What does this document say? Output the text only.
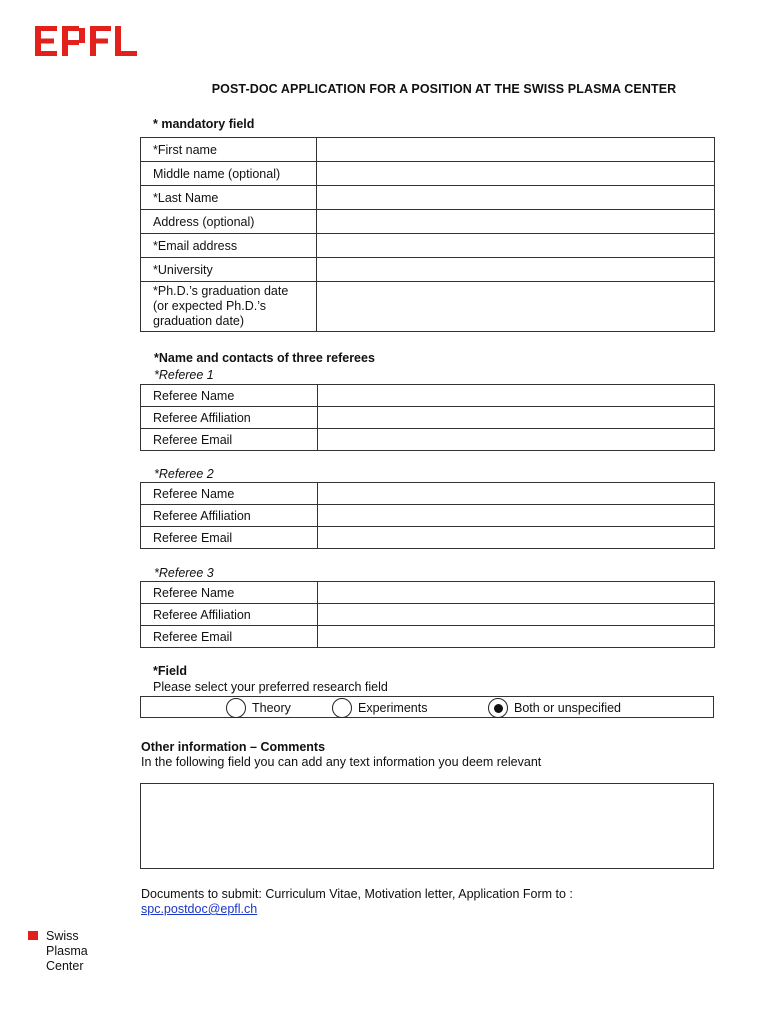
POST-DOC APPLICATION FOR A POSITION AT THE SWISS PLASMA CENTER
* mandatory field
*First name	
Middle name (optional)	
*Last Name	
Address (optional)	
*Email address	
*University	
*Ph.D.’s graduation date (or expected Ph.D.’s graduation date)	
*Name and contacts of three referees
*Referee 1
Referee Name	
Referee Affiliation	
Referee Email	
*Referee 2
Referee Name	
Referee Affiliation	
Referee Email	
*Referee 3
Referee Name	
Referee Affiliation	
Referee Email	
*Field
Please select your preferred research field
Theory	Experiments	Both or unspecified
Other information – Comments
In the following field you can add any text information you deem relevant
Documents to submit: Curriculum Vitae, Motivation letter, Application Form to :
spc.postdoc@epfl.ch
Swiss
Plasma
Center
